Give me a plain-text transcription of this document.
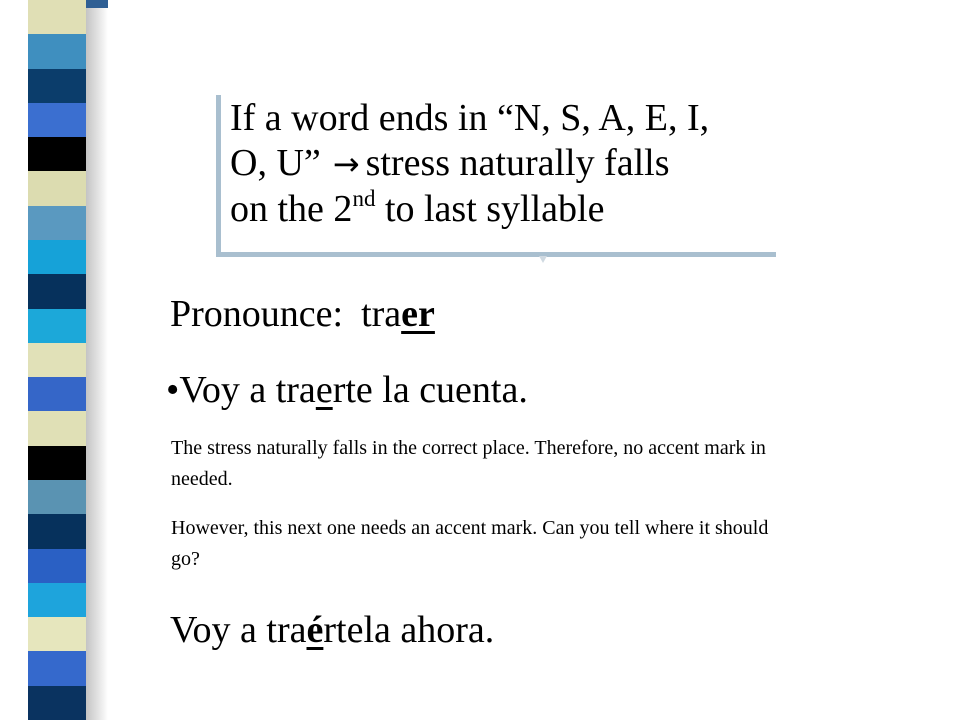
If a word ends in “N, S, A, E, I,
O, U” → stress naturally falls
on the 2nd to last syllable
Pronounce: traer
•Voy a traerte la cuenta.
The stress naturally falls in the correct place. Therefore, no accent mark in needed.
However, this next one needs an accent mark. Can you tell where it should go?
Voy a traértela ahora.
